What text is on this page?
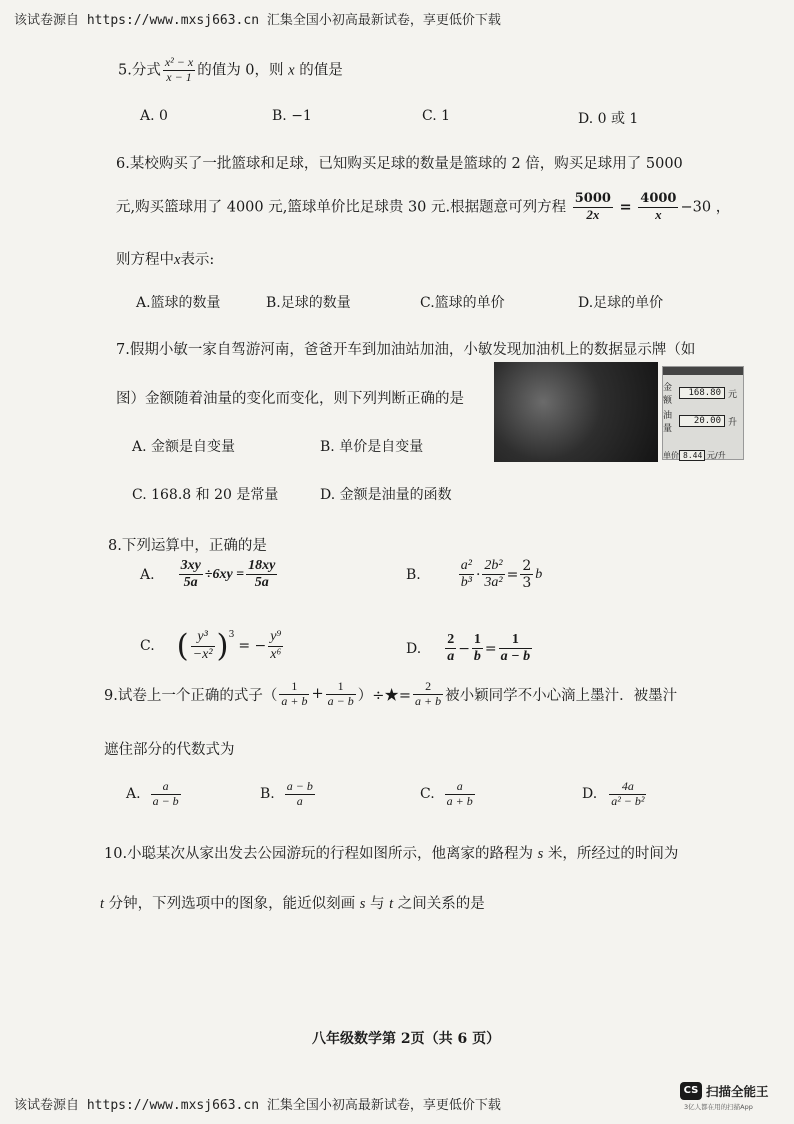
该试卷源自 https://www.mxsj663.cn 汇集全国小初高最新试卷，享更低价下载
5.分式 $\frac{\text{x² − x}}{x - 1}$ 的值为 0，则 x 的值是
A. 0	B. −1	C. 1	D. 0 或 1
6.某校购买了一批篮球和足球，已知购买足球的数量是篮球的 2 倍，购买足球用了 5000
元,购买篮球用了 4000 元,篮球单价比足球贵 30 元.根据题意可列方程 $\frac{5000}{2x} = \frac{4000}{x} -30$ ，
则方程中x表示:
A.篮球的数量	B.足球的数量	C.篮球的单价	D.足球的单价
7.假期小敏一家自驾游河南，爸爸开车到加油站加油，小敏发现加油机上的数据显示牌（如
图）金额随着油量的变化而变化，则下列判断正确的是
金额
168.80 元
油量
20.00 升
单价 8.44 元/升
A. 金额是自变量	B. 单价是自变量
C. 168.8 和 20 是常量	D. 金额是油量的函数
8.下列运算中，正确的是
A. $\frac{3xy}{5a} \div 6xy = \frac{18xy}{5a}$	B.	$\frac{\text{a²}}{\text{b³}} \cdot \frac{\text{2b²}}{\text{3a²}} = \frac{2}{3}$ b
C. ( $\frac{\text{y³}}{\text{−x²}}$ ) 3
= − $\frac{\text{y⁹}}{\text{x⁶}}$	D. $\frac{2}{a} - \frac{1}{b} = \frac{1}{a - b}$
9.试卷上一个正确的式子（ $\frac{1}{a + b} + \frac{1}{a - b}$ ）÷★= $\frac{2}{a + b}$ 被小颖同学不小心滴上墨汁．被墨汁
遮住部分的代数式为
A. $\frac{a}{a - b}$	B. $\frac{a - b}{a}$	C. $\frac{a}{a + b}$	D. $\frac{4a}{\text{a² − b²}}$
10.小聪某次从家出发去公园游玩的行程如图所示，他离家的路程为 s 米，所经过的时间为
t 分钟，下列选项中的图象，能近似刻画 s 与 t 之间关系的是
八年级数学第 2页（共 6 页）
该试卷源自 https://www.mxsj663.cn 汇集全国小初高最新试卷，享更低价下载
CS 扫描全能王
3亿人都在用的扫描App
